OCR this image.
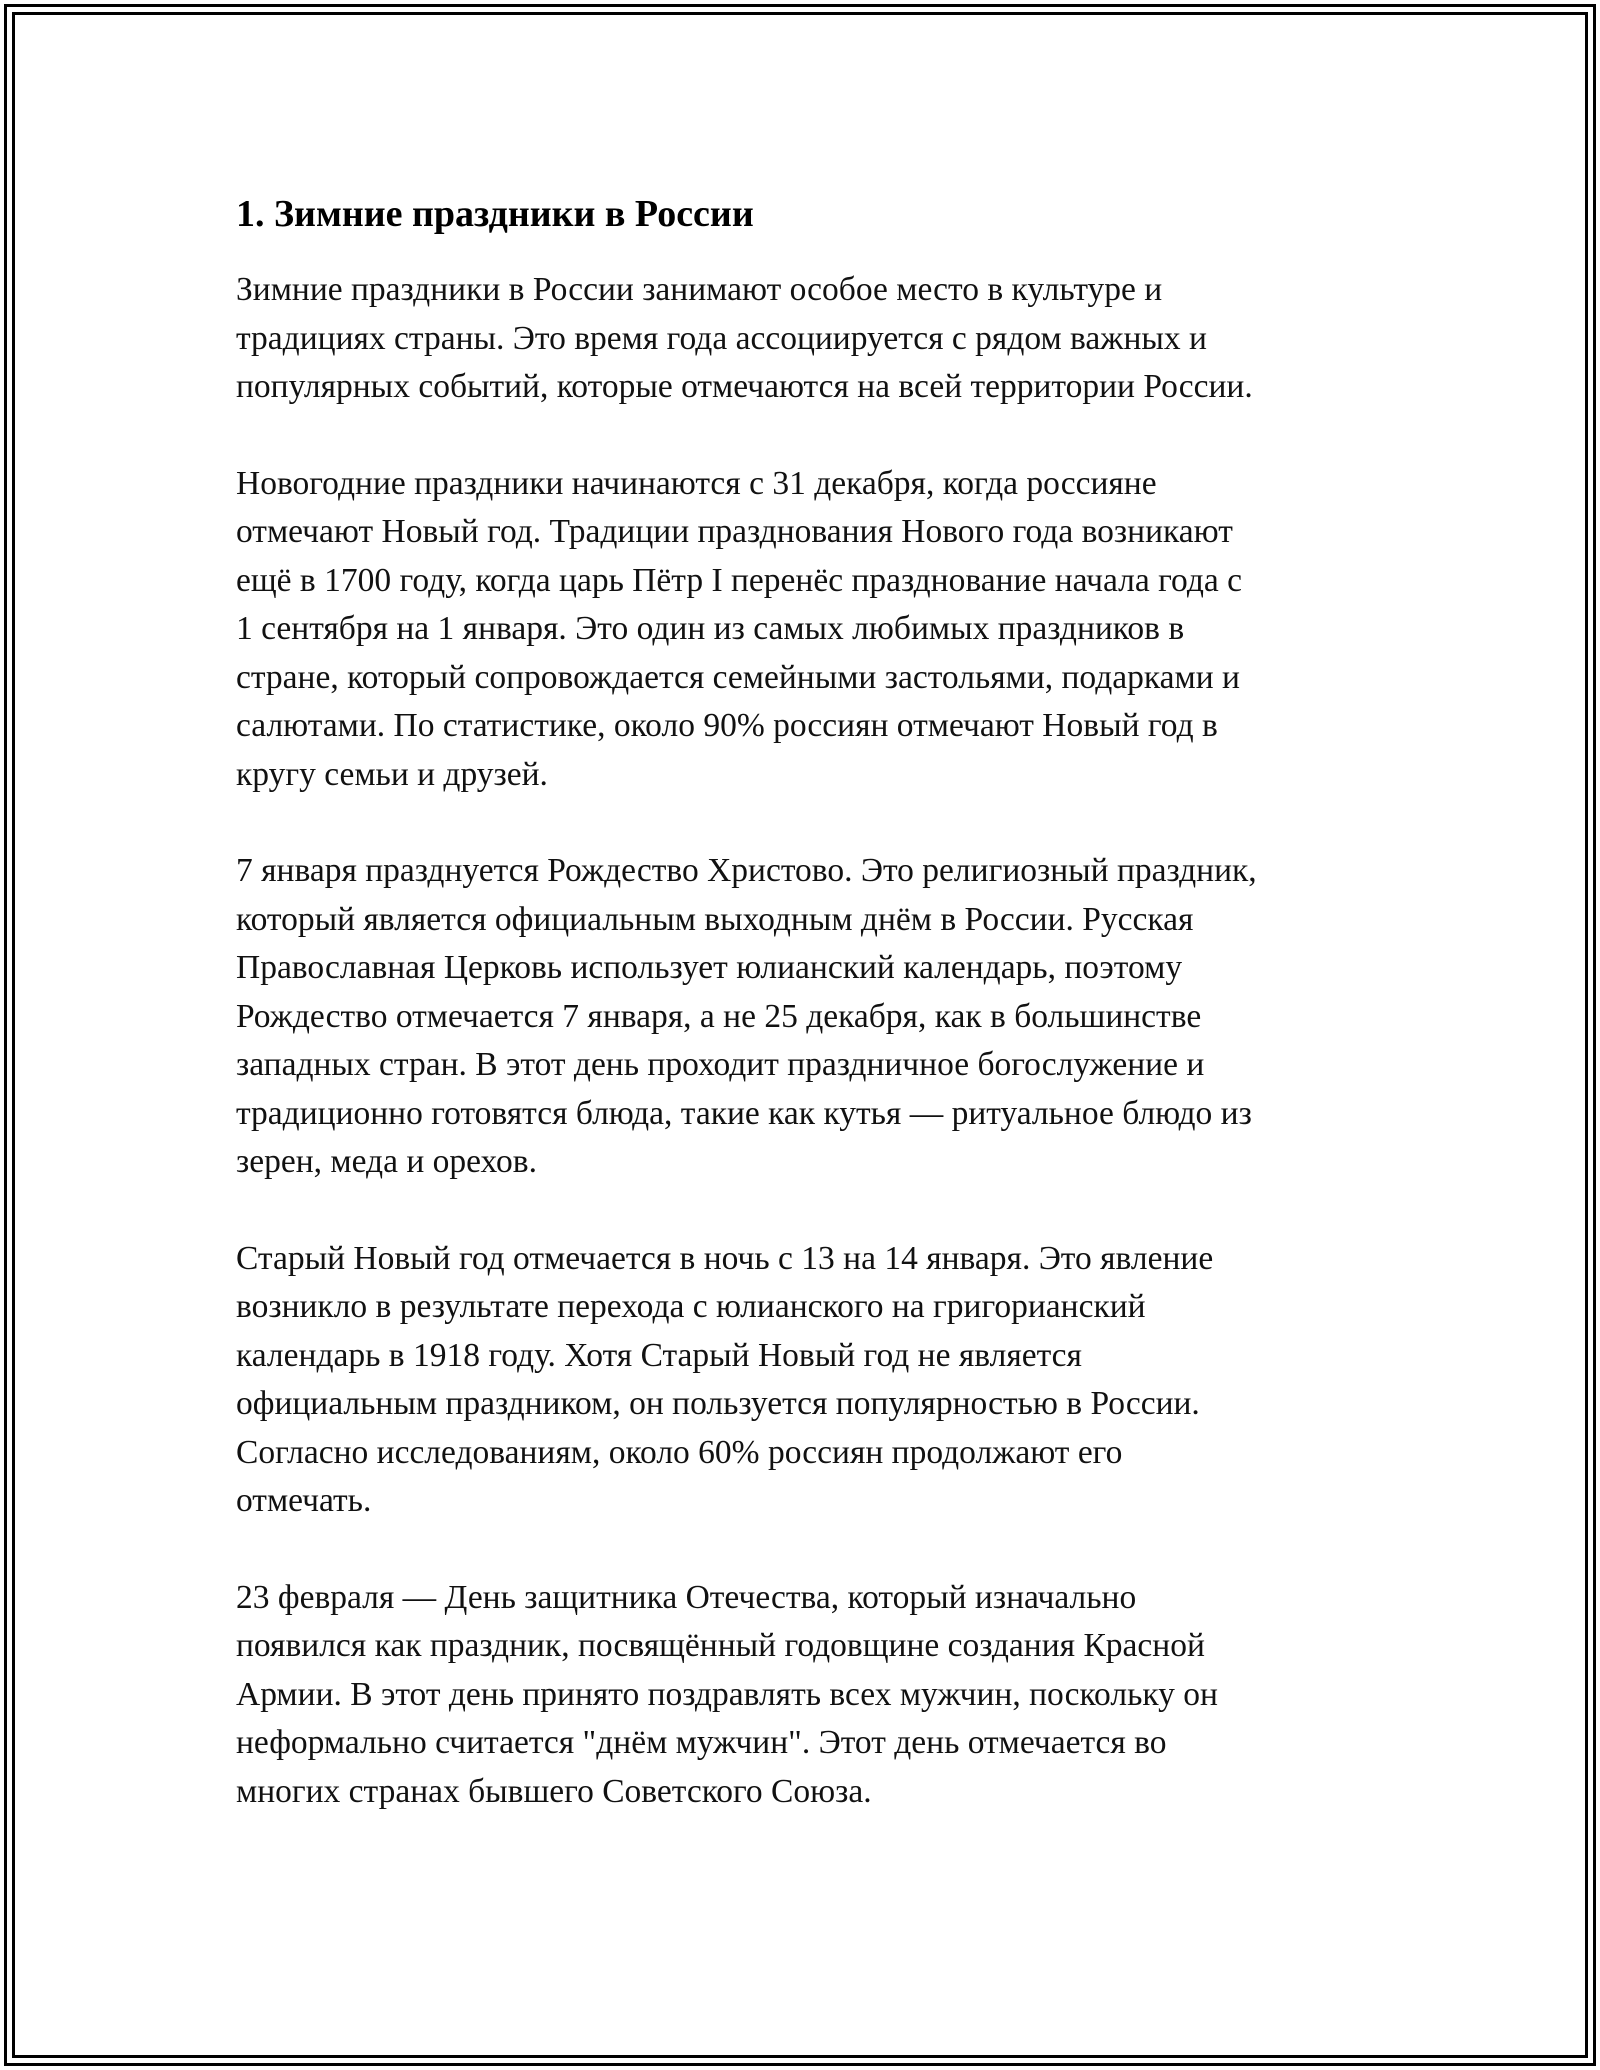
1. Зимние праздники в России

Зимние праздники в России занимают особое место в культуре и
традициях страны. Это время года ассоциируется с рядом важных и
популярных событий, которые отмечаются на всей территории России.

Новогодние праздники начинаются с 31 декабря, когда россияне
отмечают Новый год. Традиции празднования Нового года возникают
ещё в 1700 году, когда царь Пётр I перенёс празднование начала года с
1 сентября на 1 января. Это один из самых любимых праздников в
стране, который сопровождается семейными застольями, подарками и
салютами. По статистике, около 90% россиян отмечают Новый год в
кругу семьи и друзей.

7 января празднуется Рождество Христово. Это религиозный праздник,
который является официальным выходным днём в России. Русская
Православная Церковь использует юлианский календарь, поэтому
Рождество отмечается 7 января, а не 25 декабря, как в большинстве
западных стран. В этот день проходит праздничное богослужение и
традиционно готовятся блюда, такие как кутья — ритуальное блюдо из
зерен, меда и орехов.

Старый Новый год отмечается в ночь с 13 на 14 января. Это явление
возникло в результате перехода с юлианского на григорианский
календарь в 1918 году. Хотя Старый Новый год не является
официальным праздником, он пользуется популярностью в России.
Согласно исследованиям, около 60% россиян продолжают его
отмечать.

23 февраля — День защитника Отечества, который изначально
появился как праздник, посвящённый годовщине создания Красной
Армии. В этот день принято поздравлять всех мужчин, поскольку он
неформально считается "днём мужчин". Этот день отмечается во
многих странах бывшего Советского Союза.
